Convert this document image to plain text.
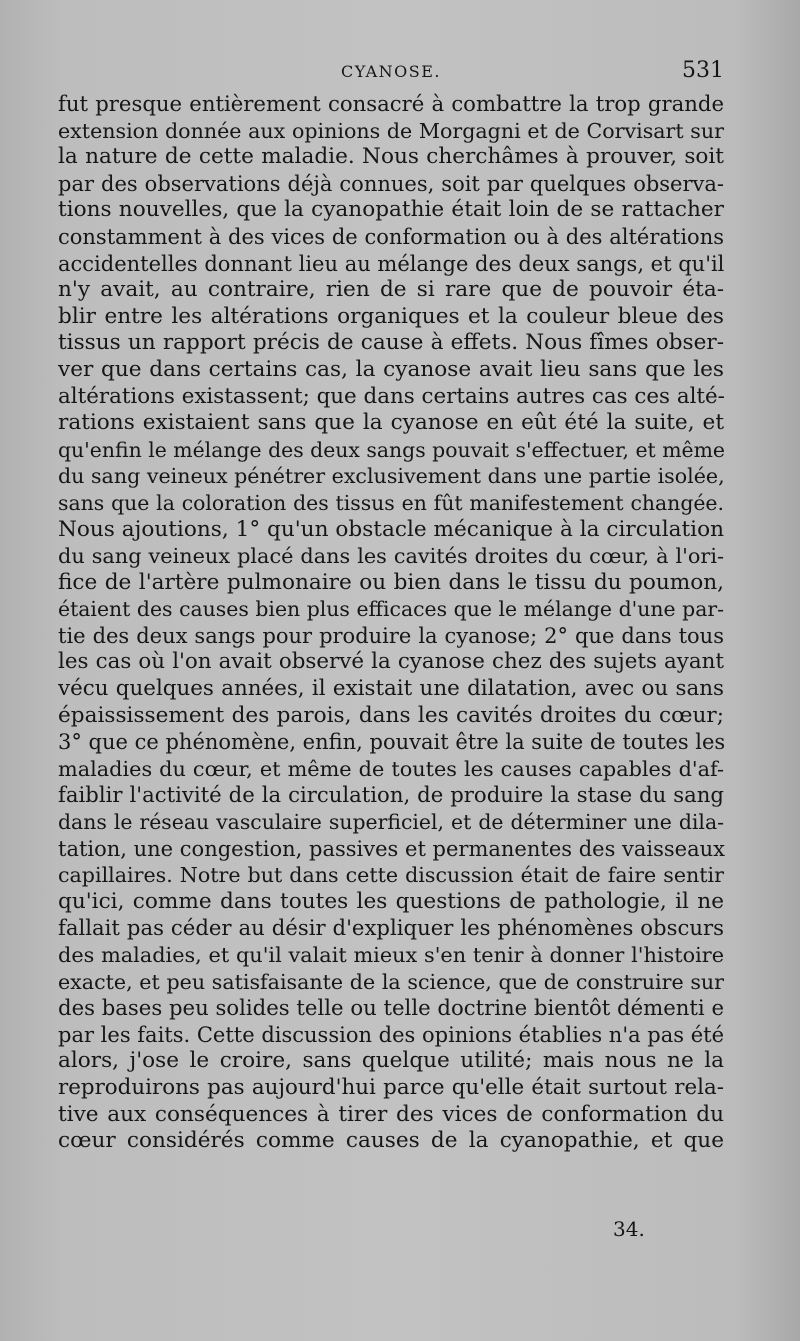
CYANOSE.	531
fut presque entièrement consacré à combattre la trop grande
extension donnée aux opinions de Morgagni et de Corvisart sur
la nature de cette maladie. Nous cherchâmes à prouver, soit
par des observations déjà connues, soit par quelques observa-
tions nouvelles, que la cyanopathie était loin de se rattacher
constamment à des vices de conformation ou à des altérations
accidentelles donnant lieu au mélange des deux sangs, et qu'il
n'y avait, au contraire, rien de si rare que de pouvoir éta-
blir entre les altérations organiques et la couleur bleue des
tissus un rapport précis de cause à effets. Nous fîmes obser-
ver que dans certains cas, la cyanose avait lieu sans que les
altérations existassent; que dans certains autres cas ces alté-
rations existaient sans que la cyanose en eût été la suite, et
qu'enfin le mélange des deux sangs pouvait s'effectuer, et même
du sang veineux pénétrer exclusivement dans une partie isolée,
sans que la coloration des tissus en fût manifestement changée.
Nous ajoutions, 1° qu'un obstacle mécanique à la circulation
du sang veineux placé dans les cavités droites du cœur, à l'ori-
fice de l'artère pulmonaire ou bien dans le tissu du poumon,
étaient des causes bien plus efficaces que le mélange d'une par-
tie des deux sangs pour produire la cyanose; 2° que dans tous
les cas où l'on avait observé la cyanose chez des sujets ayant
vécu quelques années, il existait une dilatation, avec ou sans
épaississement des parois, dans les cavités droites du cœur;
3° que ce phénomène, enfin, pouvait être la suite de toutes les
maladies du cœur, et même de toutes les causes capables d'af-
faiblir l'activité de la circulation, de produire la stase du sang
dans le réseau vasculaire superficiel, et de déterminer une dila-
tation, une congestion, passives et permanentes des vaisseaux
capillaires. Notre but dans cette discussion était de faire sentir
qu'ici, comme dans toutes les questions de pathologie, il ne
fallait pas céder au désir d'expliquer les phénomènes obscurs
des maladies, et qu'il valait mieux s'en tenir à donner l'histoire
exacte, et peu satisfaisante de la science, que de construire sur
des bases peu solides telle ou telle doctrine bientôt démenti e
par les faits. Cette discussion des opinions établies n'a pas été
alors, j'ose le croire, sans quelque utilité; mais nous ne la
reproduirons pas aujourd'hui parce qu'elle était surtout rela-
tive aux conséquences à tirer des vices de conformation du
cœur considérés comme causes de la cyanopathie, et que
34.
